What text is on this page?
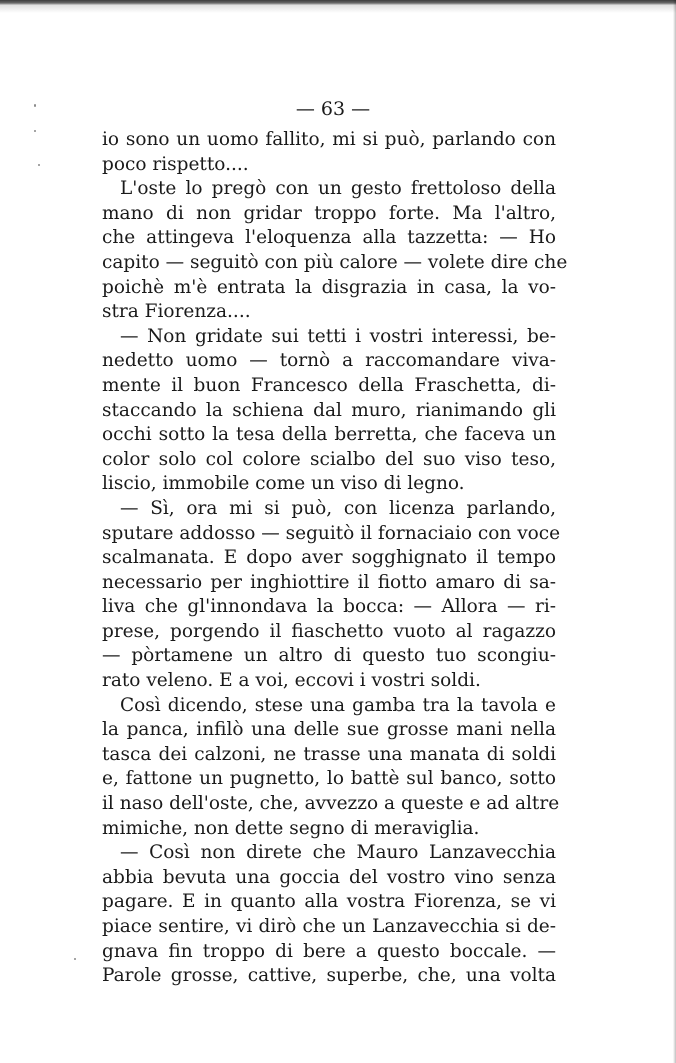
— 63 —
io sono un uomo fallito, mi si può, parlando con
poco rispetto....
L'oste lo pregò con un gesto frettoloso della
mano di non gridar troppo forte. Ma l'altro,
che attingeva l'eloquenza alla tazzetta: — Ho
capito — seguitò con più calore — volete dire che
poichè m'è entrata la disgrazia in casa, la vo-
stra Fiorenza....
— Non gridate sui tetti i vostri interessi, be-
nedetto uomo — tornò a raccomandare viva-
mente il buon Francesco della Fraschetta, di-
staccando la schiena dal muro, rianimando gli
occhi sotto la tesa della berretta, che faceva un
color solo col colore scialbo del suo viso teso,
liscio, immobile come un viso di legno.
— Sì, ora mi si può, con licenza parlando,
sputare addosso — seguitò il fornaciaio con voce
scalmanata. E dopo aver sogghignato il tempo
necessario per inghiottire il fiotto amaro di sa-
liva che gl'innondava la bocca: — Allora — ri-
prese, porgendo il fiaschetto vuoto al ragazzo
— pòrtamene un altro di questo tuo scongiu-
rato veleno. E a voi, eccovi i vostri soldi.
Così dicendo, stese una gamba tra la tavola e
la panca, infilò una delle sue grosse mani nella
tasca dei calzoni, ne trasse una manata di soldi
e, fattone un pugnetto, lo battè sul banco, sotto
il naso dell'oste, che, avvezzo a queste e ad altre
mimiche, non dette segno di meraviglia.
— Così non direte che Mauro Lanzavecchia
abbia bevuta una goccia del vostro vino senza
pagare. E in quanto alla vostra Fiorenza, se vi
piace sentire, vi dirò che un Lanzavecchia si de-
gnava fin troppo di bere a questo boccale. —
Parole grosse, cattive, superbe, che, una volta
